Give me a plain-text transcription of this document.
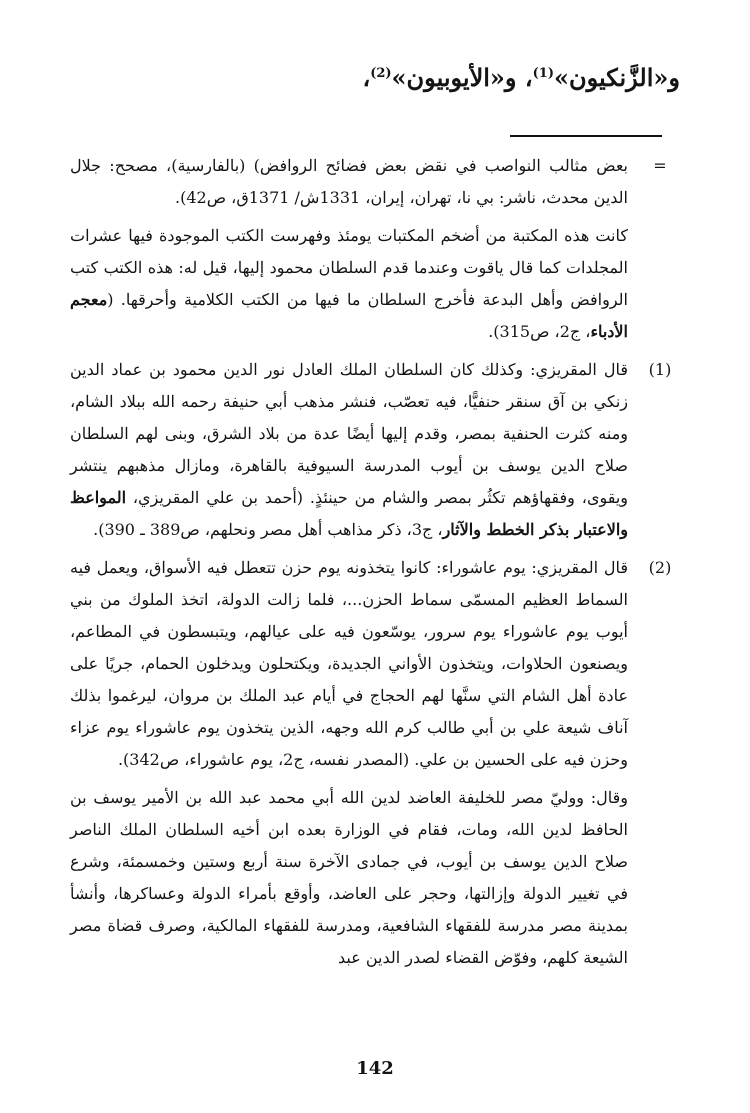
و«الزَّنكيون»$^{(1)}$، و«الأيوبيون»$^{(2)}$،
=

بعض مثالب النواصب في نقض بعض فضائح الروافض) (بالفارسية)، مصحح: جلال الدين محدث، ناشر: بي نا، تهران، إيران، 1331ش/ 1371ق، ص42).

كانت هذه المكتبة من أضخم المكتبات يومئذ وفهرست الكتب الموجودة فيها عشرات المجلدات كما قال ياقوت وعندما قدم السلطان محمود إليها، قيل له: هذه الكتب كتب الروافض وأهل البدعة فأخرج السلطان ما فيها من الكتب الكلامية وأحرقها. (معجم الأدباء، ج2، ص315).

(1)

قال المقريزي: وكذلك كان السلطان الملك العادل نور الدين محمود بن عماد الدين زنكي بن آق سنقر حنفيًّا، فيه تعصّب، فنشر مذهب أبي حنيفة رحمه الله ببلاد الشام، ومنه كثرت الحنفية بمصر، وقدم إليها أيضًا عدة من بلاد الشرق، وبنى لهم السلطان صلاح الدين يوسف بن أيوب المدرسة السيوفية بالقاهرة، ومازال مذهبهم ينتشر ويقوى، وفقهاؤهم تكثُر بمصر والشام من حينئذٍ. (أحمد بن علي المقريزي، المواعظ والاعتبار بذكر الخطط والآثار، ج3، ذكر مذاهب أهل مصر ونحلهم، ص389 ـ 390).

(2)

قال المقريزي: يوم عاشوراء: كانوا يتخذونه يوم حزن تتعطل فيه الأسواق، ويعمل فيه السماط العظيم المسمّى سماط الحزن...، فلما زالت الدولة، اتخذ الملوك من بني أيوب يوم عاشوراء يوم سرور، يوسّعون فيه على عيالهم، ويتبسطون في المطاعم، ويصنعون الحلاوات، ويتخذون الأواني الجديدة، ويكتحلون ويدخلون الحمام، جريًا على عادة أهل الشام التي سنَّها لهم الحجاج في أيام عبد الملك بن مروان، ليرغموا بذلك آناف شيعة علي بن أبي طالب كرم الله وجهه، الذين يتخذون يوم عاشوراء يوم عزاء وحزن فيه على الحسين بن علي. (المصدر نفسه، ج2، يوم عاشوراء، ص342).

وقال: ووليّ مصر للخليفة العاضد لدين الله أبي محمد عبد الله بن الأمير يوسف بن الحافظ لدين الله، ومات، فقام في الوزارة بعده ابن أخيه السلطان الملك الناصر صلاح الدين يوسف بن أيوب، في جمادى الآخرة سنة أربع وستين وخمسمئة، وشرع في تغيير الدولة وإزالتها، وحجر على العاضد، وأوقع بأمراء الدولة وعساكرها، وأنشأ بمدينة مصر مدرسة للفقهاء الشافعية، ومدرسة للفقهاء المالكية، وصرف قضاة مصر الشيعة كلهم، وفوّض القضاء لصدر الدين عبد

142
